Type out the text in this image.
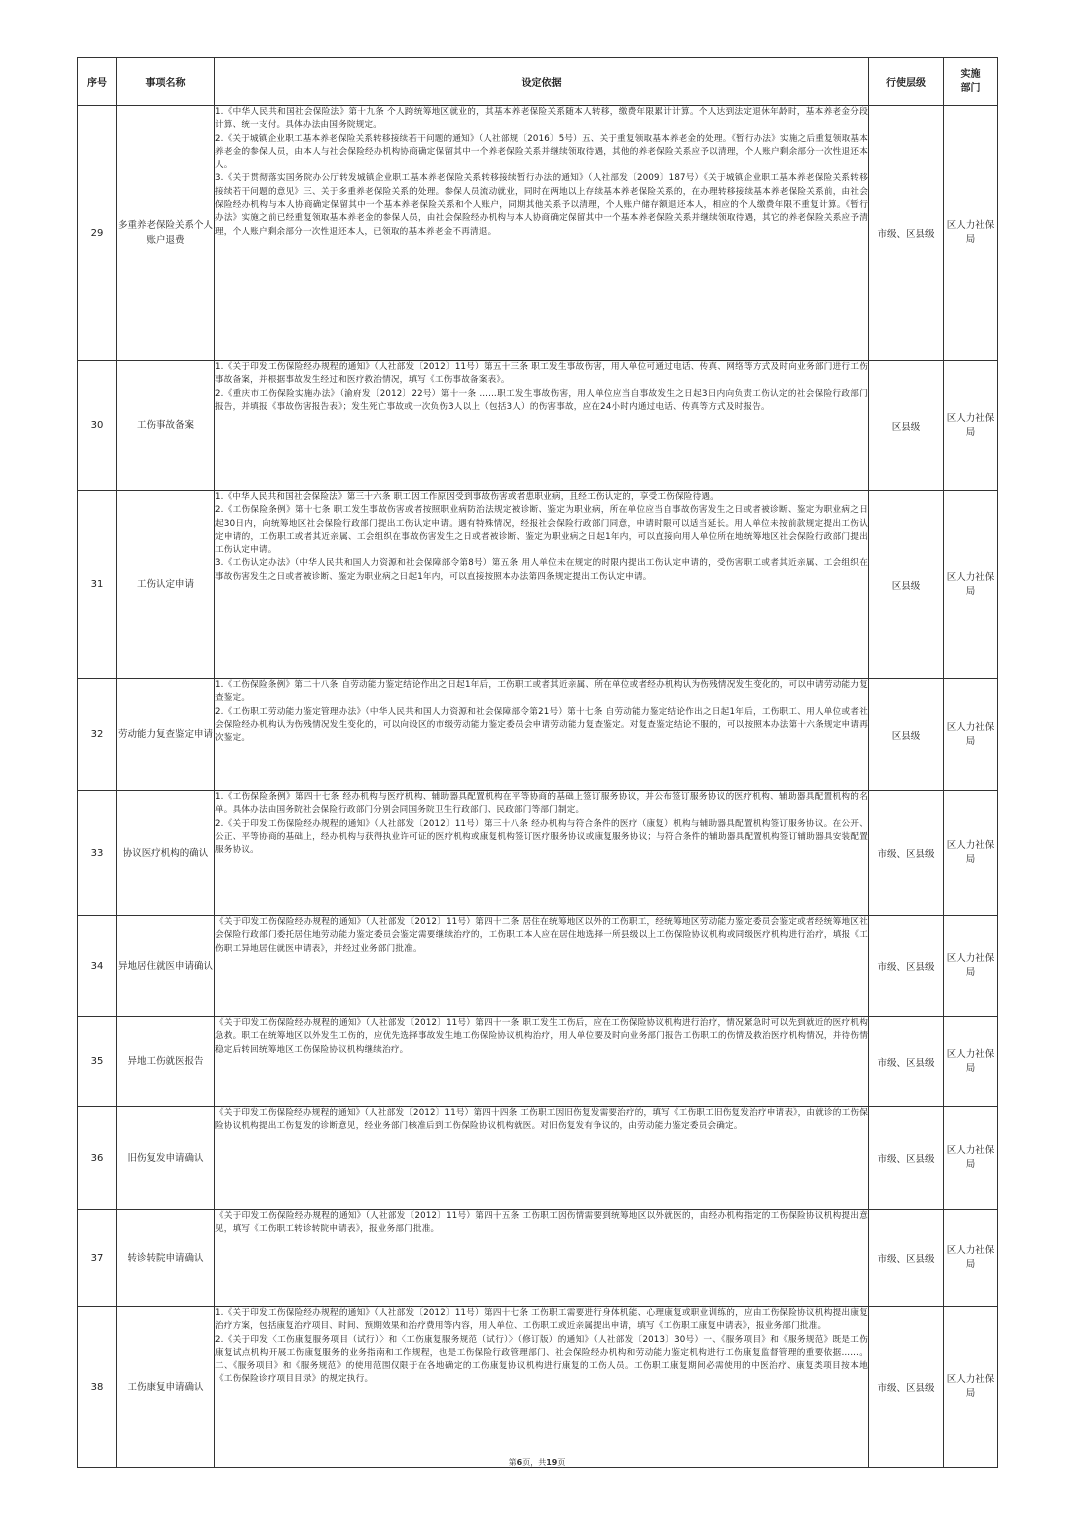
序号	事项名称	设定依据	行使层级	实施　部门
29	多重养老保险关系个人账户退费	1.《中华人民共和国社会保险法》第十九条 个人跨统筹地区就业的，其基本养老保险关系随本人转移，缴费年限累计计算。个人达到法定退休年龄时，基本养老金分段计算、统一支付。具体办法由国务院规定。

2.《关于城镇企业职工基本养老保险关系转移接续若干问题的通知》（人社部规〔2016〕5号）五、关于重复领取基本养老金的处理。《暂行办法》实施之后重复领取基本养老金的参保人员，由本人与社会保险经办机构协商确定保留其中一个养老保险关系并继续领取待遇，其他的养老保险关系应予以清理，个人账户剩余部分一次性退还本人。

3.《关于贯彻落实国务院办公厅转发城镇企业职工基本养老保险关系转移接续暂行办法的通知》（人社部发〔2009〕187号）《关于城镇企业职工基本养老保险关系转移接续若干问题的意见》三、关于多重养老保险关系的处理。参保人员流动就业，同时在两地以上存续基本养老保险关系的，在办理转移接续基本养老保险关系前，由社会保险经办机构与本人协商确定保留其中一个基本养老保险关系和个人账户，同期其他关系予以清理，个人账户储存额退还本人，相应的个人缴费年限不重复计算。《暂行办法》实施之前已经重复领取基本养老金的参保人员，由社会保险经办机构与本人协商确定保留其中一个基本养老保险关系并继续领取待遇，其它的养老保险关系应予清理，个人账户剩余部分一次性退还本人，已领取的基本养老金不再清退。	市级、区县级	区人力社保局
30	工伤事故备案	1.《关于印发工伤保险经办规程的通知》（人社部发〔2012〕11号）第五十三条 职工发生事故伤害，用人单位可通过电话、传真、网络等方式及时向业务部门进行工伤事故备案，并根据事故发生经过和医疗救治情况，填写《工伤事故备案表》。

2.《重庆市工伤保险实施办法》（渝府发〔2012〕22号）第十一条 ……职工发生事故伤害，用人单位应当自事故发生之日起3日内向负责工伤认定的社会保险行政部门报告，并填报《事故伤害报告表》；发生死亡事故或一次负伤3人以上（包括3人）的伤害事故，应在24小时内通过电话、传真等方式及时报告。	区县级	区人力社保局
31	工伤认定申请	1.《中华人民共和国社会保险法》第三十六条 职工因工作原因受到事故伤害或者患职业病，且经工伤认定的，享受工伤保险待遇。

2.《工伤保险条例》第十七条 职工发生事故伤害或者按照职业病防治法规定被诊断、鉴定为职业病，所在单位应当自事故伤害发生之日或者被诊断、鉴定为职业病之日起30日内，向统筹地区社会保险行政部门提出工伤认定申请。遇有特殊情况，经报社会保险行政部门同意，申请时限可以适当延长。用人单位未按前款规定提出工伤认定申请的，工伤职工或者其近亲属、工会组织在事故伤害发生之日或者被诊断、鉴定为职业病之日起1年内，可以直接向用人单位所在地统筹地区社会保险行政部门提出工伤认定申请。

3.《工伤认定办法》（中华人民共和国人力资源和社会保障部令第8号）第五条 用人单位未在规定的时限内提出工伤认定申请的，受伤害职工或者其近亲属、工会组织在事故伤害发生之日或者被诊断、鉴定为职业病之日起1年内，可以直接按照本办法第四条规定提出工伤认定申请。	区县级	区人力社保局
32	劳动能力复查鉴定申请	1.《工伤保险条例》第二十八条 自劳动能力鉴定结论作出之日起1年后，工伤职工或者其近亲属、所在单位或者经办机构认为伤残情况发生变化的，可以申请劳动能力复查鉴定。

2.《工伤职工劳动能力鉴定管理办法》（中华人民共和国人力资源和社会保障部令第21号）第十七条 自劳动能力鉴定结论作出之日起1年后，工伤职工、用人单位或者社会保险经办机构认为伤残情况发生变化的，可以向设区的市级劳动能力鉴定委员会申请劳动能力复查鉴定。对复查鉴定结论不服的，可以按照本办法第十六条规定申请再次鉴定。	区县级	区人力社保局
33	协议医疗机构的确认	1.《工伤保险条例》第四十七条 经办机构与医疗机构、辅助器具配置机构在平等协商的基础上签订服务协议，并公布签订服务协议的医疗机构、辅助器具配置机构的名单。具体办法由国务院社会保险行政部门分别会同国务院卫生行政部门、民政部门等部门制定。

2.《关于印发工伤保险经办规程的通知》（人社部发〔2012〕11号）第三十八条 经办机构与符合条件的医疗（康复）机构与辅助器具配置机构签订服务协议。在公开、公正、平等协商的基础上，经办机构与获得执业许可证的医疗机构或康复机构签订医疗服务协议或康复服务协议；与符合条件的辅助器具配置机构签订辅助器具安装配置服务协议。	市级、区县级	区人力社保局
34	异地居住就医申请确认	《关于印发工伤保险经办规程的通知》（人社部发〔2012〕11号）第四十二条 居住在统筹地区以外的工伤职工，经统筹地区劳动能力鉴定委员会鉴定或者经统筹地区社会保险行政部门委托居住地劳动能力鉴定委员会鉴定需要继续治疗的，工伤职工本人应在居住地选择一所县级以上工伤保险协议机构或同级医疗机构进行治疗，填报《工伤职工异地居住就医申请表》，并经过业务部门批准。	市级、区县级	区人力社保局
35	异地工伤就医报告	《关于印发工伤保险经办规程的通知》（人社部发〔2012〕11号）第四十一条 职工发生工伤后，应在工伤保险协议机构进行治疗，情况紧急时可以先到就近的医疗机构急救。职工在统筹地区以外发生工伤的，应优先选择事故发生地工伤保险协议机构治疗，用人单位要及时向业务部门报告工伤职工的伤情及救治医疗机构情况，并待伤情稳定后转回统筹地区工伤保险协议机构继续治疗。	市级、区县级	区人力社保局
36	旧伤复发申请确认	《关于印发工伤保险经办规程的通知》（人社部发〔2012〕11号）第四十四条 工伤职工因旧伤复发需要治疗的，填写《工伤职工旧伤复发治疗申请表》，由就诊的工伤保险协议机构提出工伤复发的诊断意见，经业务部门核准后到工伤保险协议机构就医。对旧伤复发有争议的，由劳动能力鉴定委员会确定。	市级、区县级	区人力社保局
37	转诊转院申请确认	《关于印发工伤保险经办规程的通知》（人社部发〔2012〕11号）第四十五条 工伤职工因伤情需要到统筹地区以外就医的，由经办机构指定的工伤保险协议机构提出意见，填写《工伤职工转诊转院申请表》，报业务部门批准。	市级、区县级	区人力社保局
38	工伤康复申请确认	1.《关于印发工伤保险经办规程的通知》（人社部发〔2012〕11号）第四十七条 工伤职工需要进行身体机能、心理康复或职业训练的，应由工伤保险协议机构提出康复治疗方案，包括康复治疗项目、时间、预期效果和治疗费用等内容，用人单位、工伤职工或近亲属提出申请，填写《工伤职工康复申请表》，报业务部门批准。

2.《关于印发〈工伤康复服务项目（试行）〉和〈工伤康复服务规范（试行）〉（修订版）的通知》（人社部发〔2013〕30号）一、《服务项目》和《服务规范》既是工伤康复试点机构开展工伤康复服务的业务指南和工作规程，也是工伤保险行政管理部门、社会保险经办机构和劳动能力鉴定机构进行工伤康复监督管理的重要依据……。二、《服务项目》和《服务规范》的使用范围仅限于在各地确定的工伤康复协议机构进行康复的工伤人员。工伤职工康复期间必需使用的中医治疗、康复类项目按本地《工伤保险诊疗项目目录》的规定执行。	市级、区县级	区人力社保局
第6页，共19页
